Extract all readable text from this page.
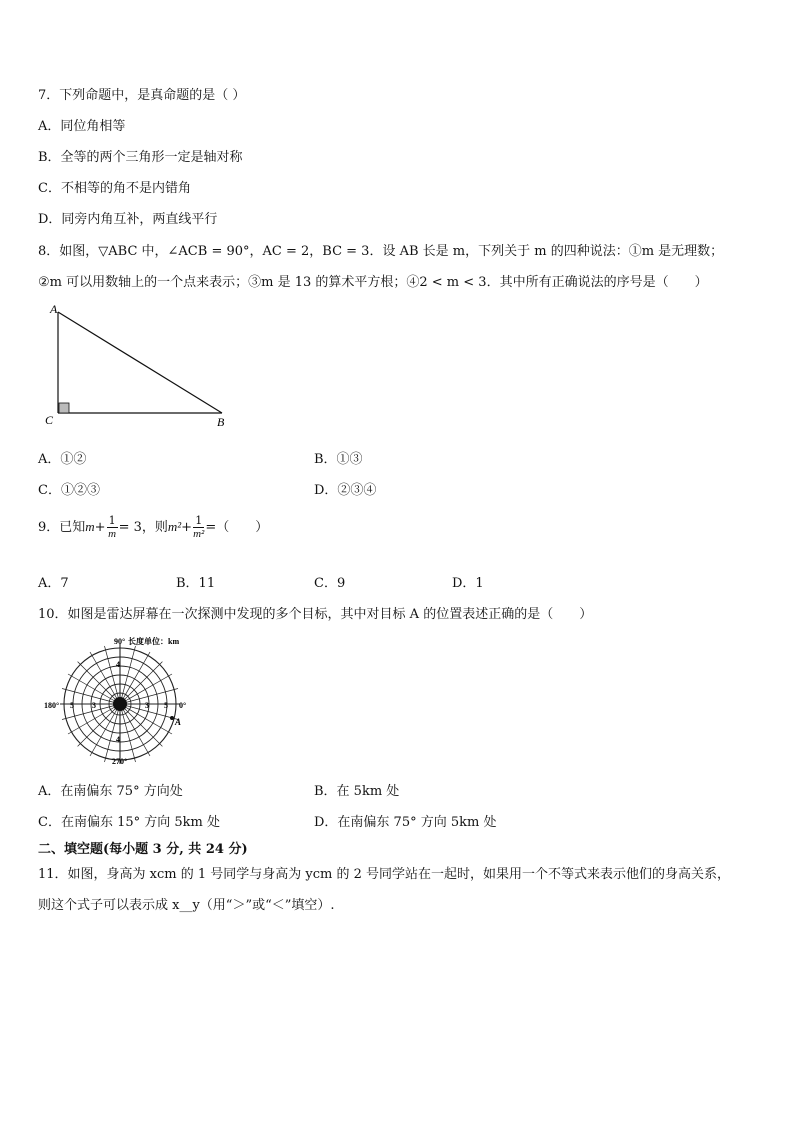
7．下列命题中，是真命题的是（ ）
A．同位角相等
B．全等的两个三角形一定是轴对称
C．不相等的角不是内错角
D．同旁内角互补，两直线平行
8．如图，▽ABC 中，∠ACB = 90°，AC = 2，BC = 3．设 AB 长是 m，下列关于 m 的四种说法：①m 是无理数；
②m 可以用数轴上的一个点来表示；③m 是 13 的算术平方根；④2 < m < 3．其中所有正确说法的序号是（　　）
A
C	B
A．①②	B．①③
C．①②③	D．②③④
9．已知$m+ \frac{1}{m} = 3$，则$m^2+ \frac{1}{\text{m²}}$ =（　　）
A．7	B．11	C．9	D．1
10．如图是雷达屏幕在一次探测中发现的多个目标，其中对目标 A 的位置表述正确的是（　　）
90° 长度单位：km
180°	0°
270°
5	5
4
4
3	3
A
A．在南偏东 75° 方向处	B．在 5km 处
C．在南偏东 15° 方向 5km 处	D．在南偏东 75° 方向 5km 处
二、填空题(每小题 3 分, 共 24 分)
11．如图，身高为 xcm 的 1 号同学与身高为 ycm 的 2 号同学站在一起时，如果用一个不等式来表示他们的身高关系，
则这个式子可以表示成 x__y（用“＞”或“＜”填空）.
